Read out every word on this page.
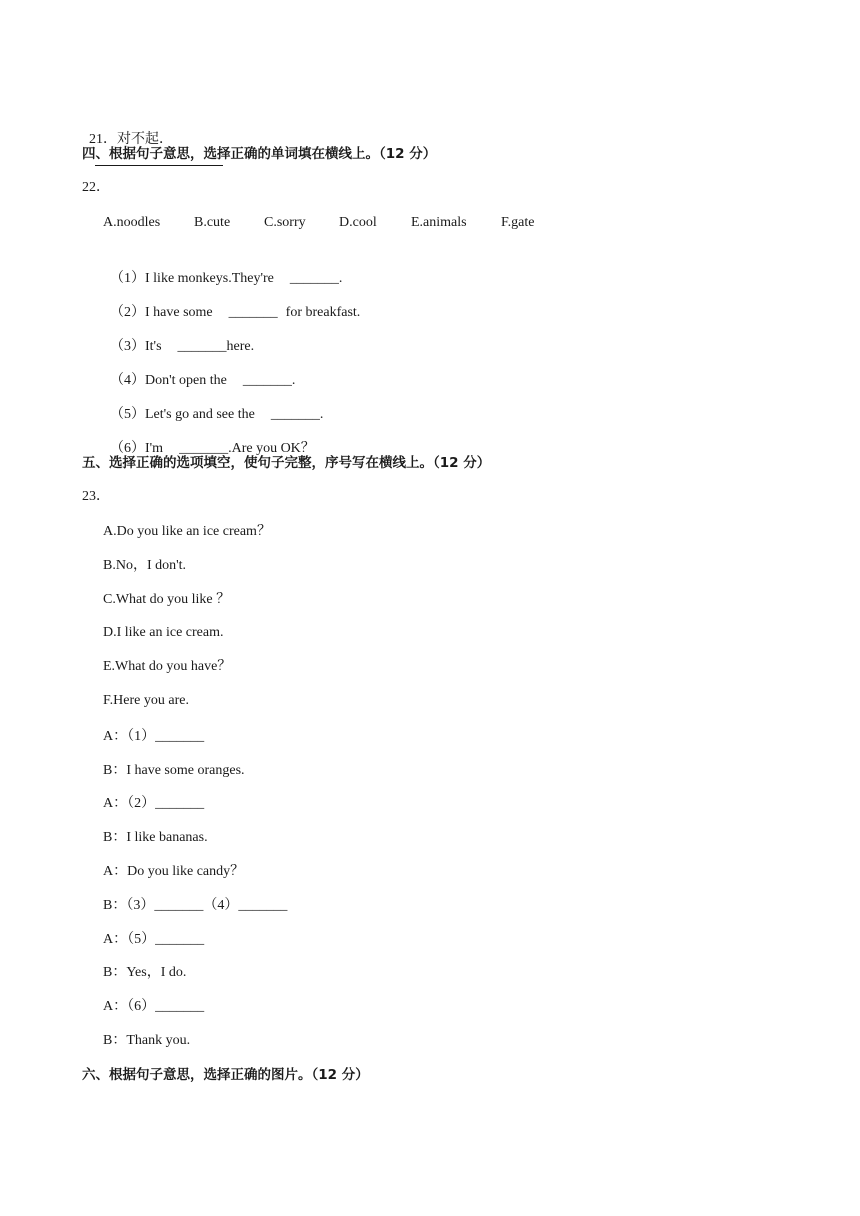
21．对不起．

四、根据句子意思，选择正确的单词填在横线上。（12 分）
22．
A.noodles B.cute C.sorry D.cool E.animals F.gate

（1）I like monkeys.They're _______.

（2）I have some _______ for breakfast.

（3）It's _______here.

（4）Don't open the _______.

（5）Let's go and see the _______.

（6）I'm _______.Are you OK？

五、选择正确的选项填空，使句子完整，序号写在横线上。（12 分）
23．
A.Do you like an ice cream？
B.No，I don't.
C.What do you like ？
D.I like an ice cream.
E.What do you have？
F.Here you are.
A：（1）_______
B：I have some oranges.
A：（2）_______
B：I like bananas.
A：Do you like candy？
B：（3）_______（4）_______
A：（5）_______
B：Yes，I do.
A：（6）_______
B：Thank you.
六、根据句子意思，选择正确的图片。（12 分）
